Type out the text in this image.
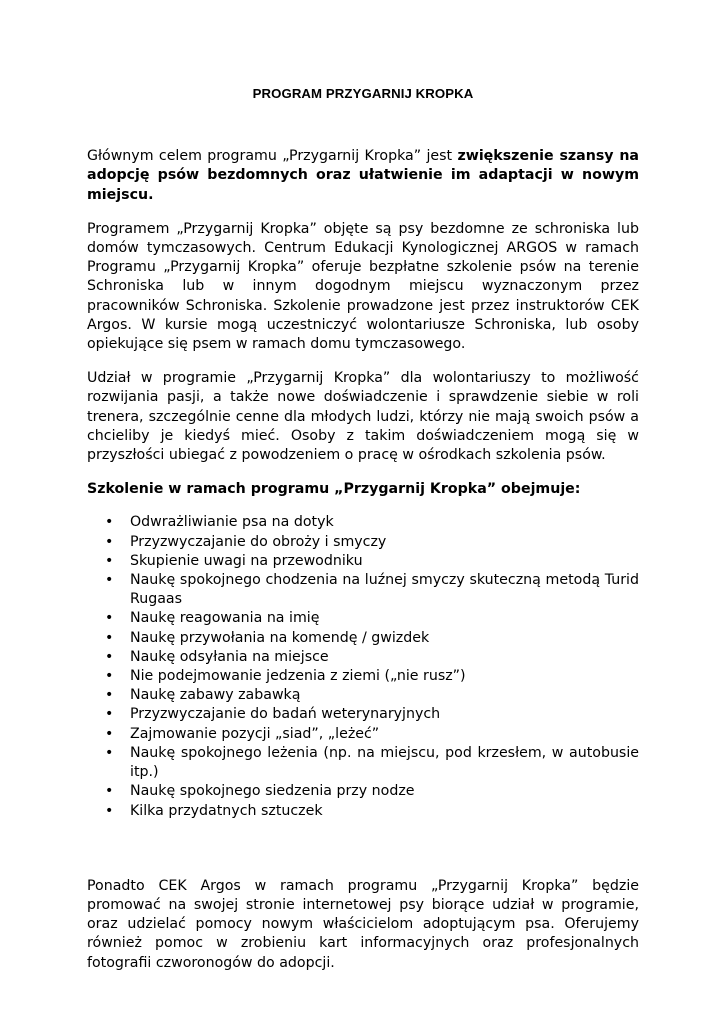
PROGRAM PRZYGARNIJ KROPKA

Głównym celem programu „Przygarnij Kropka” jest zwiększenie szansy na adopcję psów bezdomnych oraz ułatwienie im adaptacji w nowym miejscu.

Programem „Przygarnij Kropka” objęte są psy bezdomne ze schroniska lub domów tymczasowych. Centrum Edukacji Kynologicznej ARGOS w ramach Programu „Przygarnij Kropka” oferuje bezpłatne szkolenie psów na terenie Schroniska lub w innym dogodnym miejscu wyznaczonym przez pracowników Schroniska. Szkolenie prowadzone jest przez instruktorów CEK Argos. W kursie mogą uczestniczyć wolontariusze Schroniska, lub osoby opiekujące się psem w ramach domu tymczasowego.

Udział w programie „Przygarnij Kropka” dla wolontariuszy to możliwość rozwijania pasji, a także nowe doświadczenie i sprawdzenie siebie w roli trenera, szczególnie cenne dla młodych ludzi, którzy nie mają swoich psów a chcieliby je kiedyś mieć. Osoby z takim doświadczeniem mogą się w przyszłości ubiegać z powodzeniem o pracę w ośrodkach szkolenia psów.

Szkolenie w ramach programu „Przygarnij Kropka” obejmuje:
• Odwrażliwianie psa na dotyk
• Przyzwyczajanie do obroży i smyczy
• Skupienie uwagi na przewodniku
• Naukę spokojnego chodzenia na luźnej smyczy skuteczną metodą Turid Rugaas
• Naukę reagowania na imię
• Naukę przywołania na komendę / gwizdek
• Naukę odsyłania na miejsce
• Nie podejmowanie jedzenia z ziemi („nie rusz”)
• Naukę zabawy zabawką
• Przyzwyczajanie do badań weterynaryjnych
• Zajmowanie pozycji „siad”, „leżeć”
• Naukę spokojnego leżenia (np. na miejscu, pod krzesłem, w autobusie itp.)
• Naukę spokojnego siedzenia przy nodze
• Kilka przydatnych sztuczek

Ponadto CEK Argos w ramach programu „Przygarnij Kropka” będzie promować na swojej stronie internetowej psy biorące udział w programie, oraz udzielać pomocy nowym właścicielom adoptującym psa. Oferujemy również pomoc w zrobieniu kart informacyjnych oraz profesjonalnych fotografii czworonogów do adopcji.
